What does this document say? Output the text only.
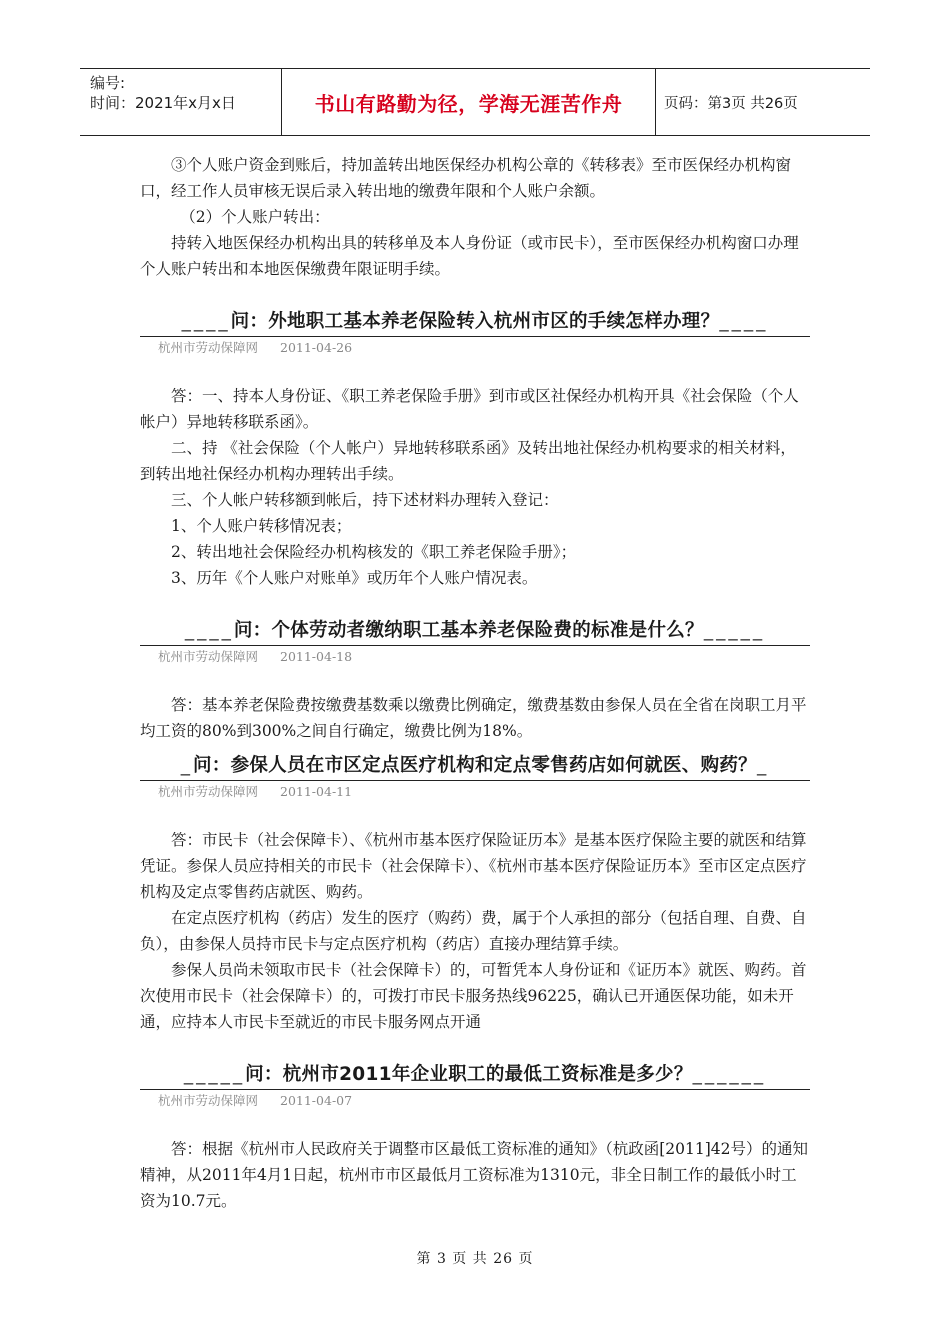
编号:
时间：2021年x月x日	书山有路勤为径，学海无涯苦作舟	页码：第3页 共26页

③个人账户资金到账后，持加盖转出地医保经办机构公章的《转移表》至市医保经办机构窗口，经工作人员审核无误后录入转出地的缴费年限和个人账户余额。

（2）个人账户转出：

持转入地医保经办机构出具的转移单及本人身份证（或市民卡），至市医保经办机构窗口办理个人账户转出和本地医保缴费年限证明手续。

____ 问：外地职工基本养老保险转入杭州市区的手续怎样办理？ ____
杭州市劳动保障网 2011-04-26

答：一、持本人身份证、《职工养老保险手册》到市或区社保经办机构开具《社会保险（个人帐户）异地转移联系函》。

二、持 《社会保险（个人帐户）异地转移联系函》及转出地社保经办机构要求的相关材料，到转出地社保经办机构办理转出手续。

三、个人帐户转移额到帐后，持下述材料办理转入登记：

1、个人账户转移情况表；

2、转出地社会保险经办机构核发的《职工养老保险手册》；

3、历年《个人账户对账单》或历年个人账户情况表。

____ 问：个体劳动者缴纳职工基本养老保险费的标准是什么？ _____
杭州市劳动保障网 2011-04-18

答：基本养老保险费按缴费基数乘以缴费比例确定，缴费基数由参保人员在全省在岗职工月平均工资的80%到300%之间自行确定，缴费比例为18%。

_ 问：参保人员在市区定点医疗机构和定点零售药店如何就医、购药？ _
杭州市劳动保障网 2011-04-11

答：市民卡（社会保障卡）、《杭州市基本医疗保险证历本》是基本医疗保险主要的就医和结算凭证。参保人员应持相关的市民卡（社会保障卡）、《杭州市基本医疗保险证历本》至市区定点医疗机构及定点零售药店就医、购药。

在定点医疗机构（药店）发生的医疗（购药）费，属于个人承担的部分（包括自理、自费、自负），由参保人员持市民卡与定点医疗机构（药店）直接办理结算手续。

参保人员尚未领取市民卡（社会保障卡）的，可暂凭本人身份证和《证历本》就医、购药。首次使用市民卡（社会保障卡）的，可拨打市民卡服务热线96225，确认已开通医保功能，如未开通，应持本人市民卡至就近的市民卡服务网点开通

_____ 问：杭州市2011年企业职工的最低工资标准是多少？ ______
杭州市劳动保障网 2011-04-07

答：根据《杭州市人民政府关于调整市区最低工资标准的通知》（杭政函[2011]42号）的通知精神，从2011年4月1日起，杭州市市区最低月工资标准为1310元，非全日制工作的最低小时工资为10.7元。

第 3 页 共 26 页
